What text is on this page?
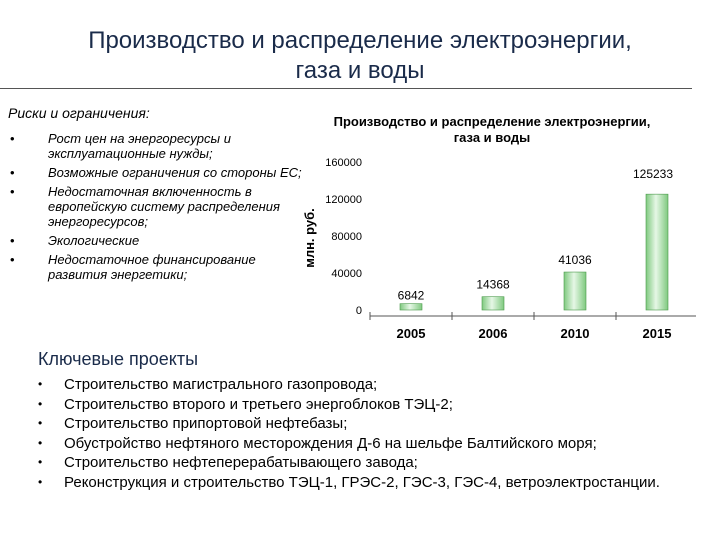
Производство и распределение электроэнергии,
газа и воды
Риски и ограничения:
•	Рост цен на энергоресурсы и эксплуатационные нужды;
•	Возможные ограничения со стороны ЕС;
•	Недостаточная включенность в европейскую систему распределения энергоресурсов;
•	Экологические
•	Недостаточное финансирование развития энергетики;
Производство и распределение электроэнергии,
газа и воды
млн. руб.
0
40000
80000
120000
160000
6842
2005
14368
2006
41036
2010
125233
2015
Ключевые проекты
• Строительство магистрального газопровода;
• Строительство второго и третьего энергоблоков ТЭЦ-2;
• Строительство припортовой нефтебазы;
• Обустройство нефтяного месторождения Д-6 на шельфе Балтийского моря;
• Строительство нефтеперерабатывающего завода;
• Реконструкция и строительство ТЭЦ-1, ГРЭС-2, ГЭС-3, ГЭС-4, ветроэлектростанции.
